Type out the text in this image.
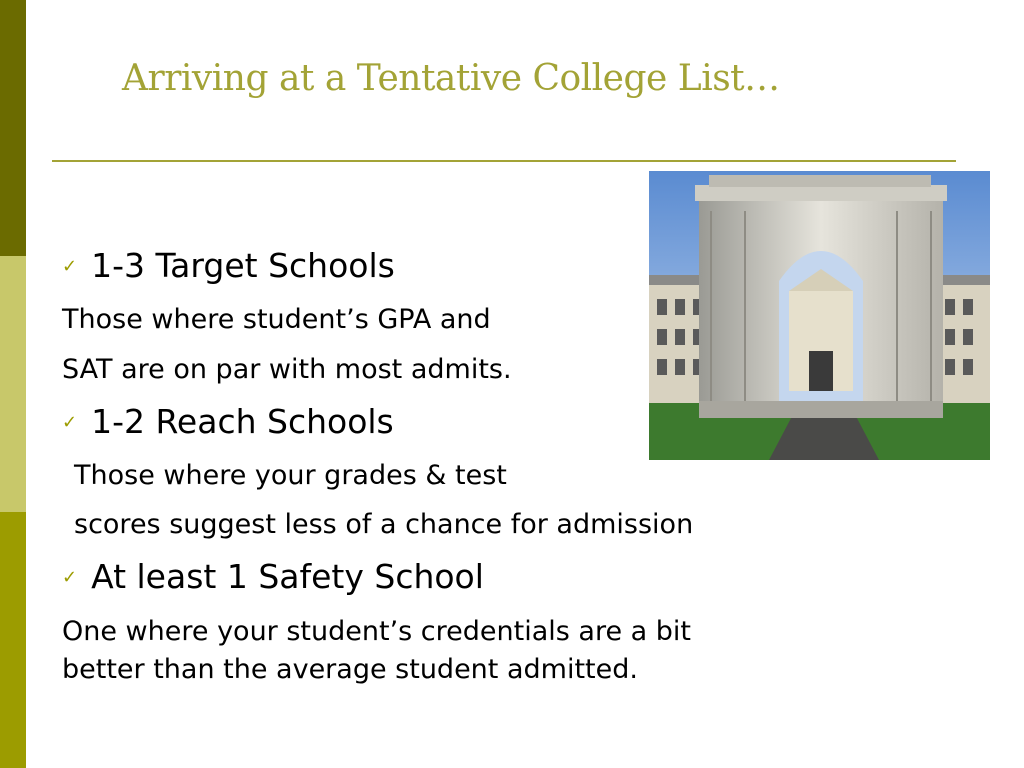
Arriving at a Tentative College List…
✓ 1-3 Target Schools
Those where student’s GPA and
SAT are on par with most admits.
✓ 1-2 Reach Schools
Those where your grades & test
scores suggest less of a chance for admission
✓ At least 1 Safety School
One where your student’s credentials are a bit
better than the average student admitted.
